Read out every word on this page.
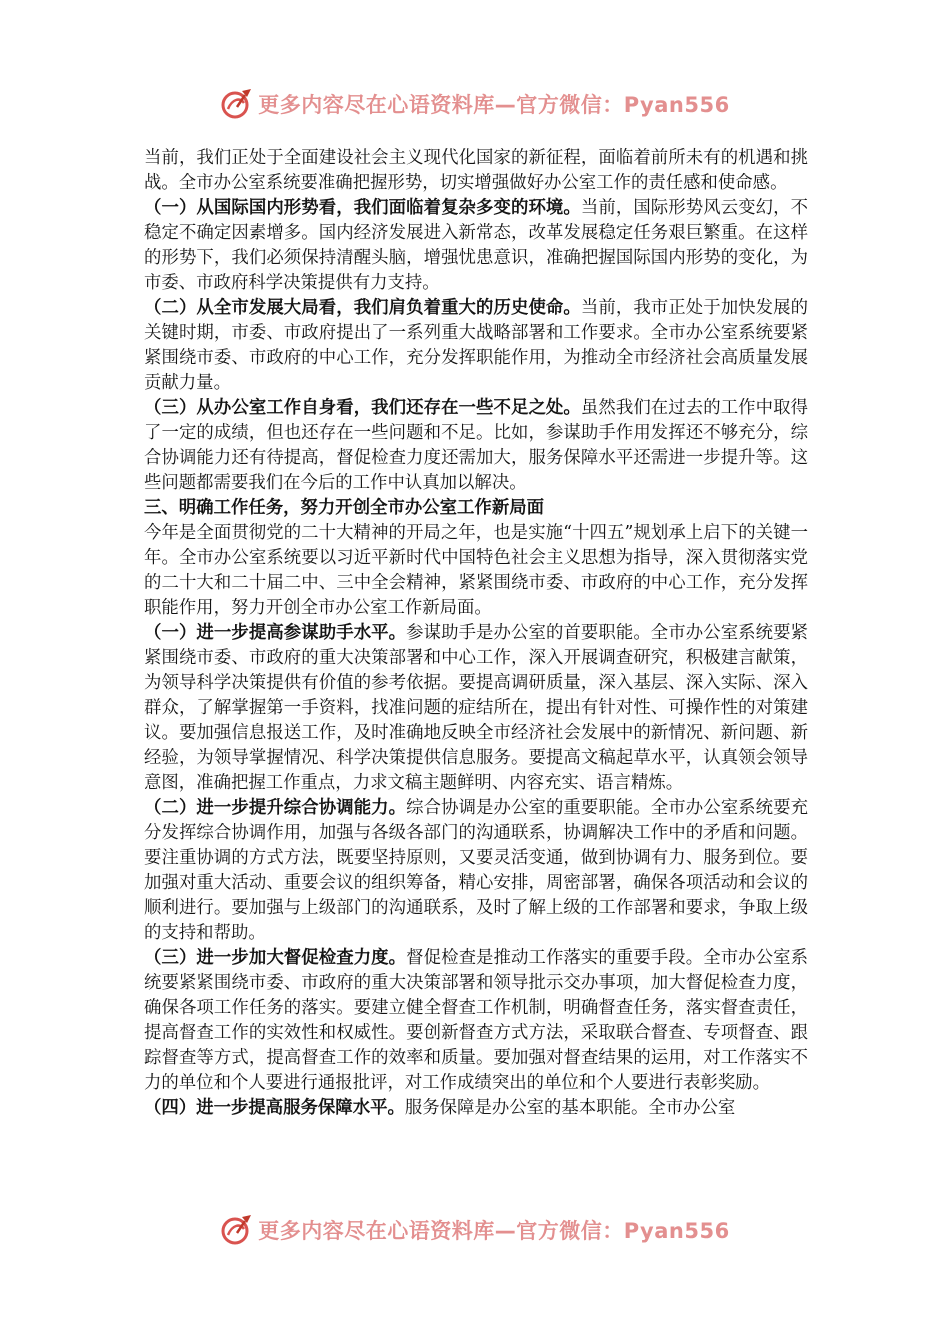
更多内容尽在心语资料库—官方微信：Pyan556

当前，我们正处于全面建设社会主义现代化国家的新征程，面临着前所未有的机遇和挑战。全市办公室系统要准确把握形势，切实增强做好办公室工作的责任感和使命感。

（一）从国际国内形势看，我们面临着复杂多变的环境。当前，国际形势风云变幻，不稳定不确定因素增多。国内经济发展进入新常态，改革发展稳定任务艰巨繁重。在这样的形势下，我们必须保持清醒头脑，增强忧患意识，准确把握国际国内形势的变化，为市委、市政府科学决策提供有力支持。

（二）从全市发展大局看，我们肩负着重大的历史使命。当前，我市正处于加快发展的关键时期，市委、市政府提出了一系列重大战略部署和工作要求。全市办公室系统要紧紧围绕市委、市政府的中心工作，充分发挥职能作用，为推动全市经济社会高质量发展贡献力量。

（三）从办公室工作自身看，我们还存在一些不足之处。虽然我们在过去的工作中取得了一定的成绩，但也还存在一些问题和不足。比如，参谋助手作用发挥还不够充分，综合协调能力还有待提高，督促检查力度还需加大，服务保障水平还需进一步提升等。这些问题都需要我们在今后的工作中认真加以解决。

三、明确工作任务，努力开创全市办公室工作新局面

今年是全面贯彻党的二十大精神的开局之年，也是实施“十四五”规划承上启下的关键一年。全市办公室系统要以习近平新时代中国特色社会主义思想为指导，深入贯彻落实党的二十大和二十届二中、三中全会精神，紧紧围绕市委、市政府的中心工作，充分发挥职能作用，努力开创全市办公室工作新局面。

（一）进一步提高参谋助手水平。参谋助手是办公室的首要职能。全市办公室系统要紧紧围绕市委、市政府的重大决策部署和中心工作，深入开展调查研究，积极建言献策，为领导科学决策提供有价值的参考依据。要提高调研质量，深入基层、深入实际、深入群众，了解掌握第一手资料，找准问题的症结所在，提出有针对性、可操作性的对策建议。要加强信息报送工作，及时准确地反映全市经济社会发展中的新情况、新问题、新经验，为领导掌握情况、科学决策提供信息服务。要提高文稿起草水平，认真领会领导意图，准确把握工作重点，力求文稿主题鲜明、内容充实、语言精炼。

（二）进一步提升综合协调能力。综合协调是办公室的重要职能。全市办公室系统要充分发挥综合协调作用，加强与各级各部门的沟通联系，协调解决工作中的矛盾和问题。要注重协调的方式方法，既要坚持原则，又要灵活变通，做到协调有力、服务到位。要加强对重大活动、重要会议的组织筹备，精心安排，周密部署，确保各项活动和会议的顺利进行。要加强与上级部门的沟通联系，及时了解上级的工作部署和要求，争取上级的支持和帮助。

（三）进一步加大督促检查力度。督促检查是推动工作落实的重要手段。全市办公室系统要紧紧围绕市委、市政府的重大决策部署和领导批示交办事项，加大督促检查力度，确保各项工作任务的落实。要建立健全督查工作机制，明确督查任务，落实督查责任，提高督查工作的实效性和权威性。要创新督查方式方法，采取联合督查、专项督查、跟踪督查等方式，提高督查工作的效率和质量。要加强对督查结果的运用，对工作落实不力的单位和个人要进行通报批评，对工作成绩突出的单位和个人要进行表彰奖励。

（四）进一步提高服务保障水平。服务保障是办公室的基本职能。全市办公室

更多内容尽在心语资料库—官方微信：Pyan556
